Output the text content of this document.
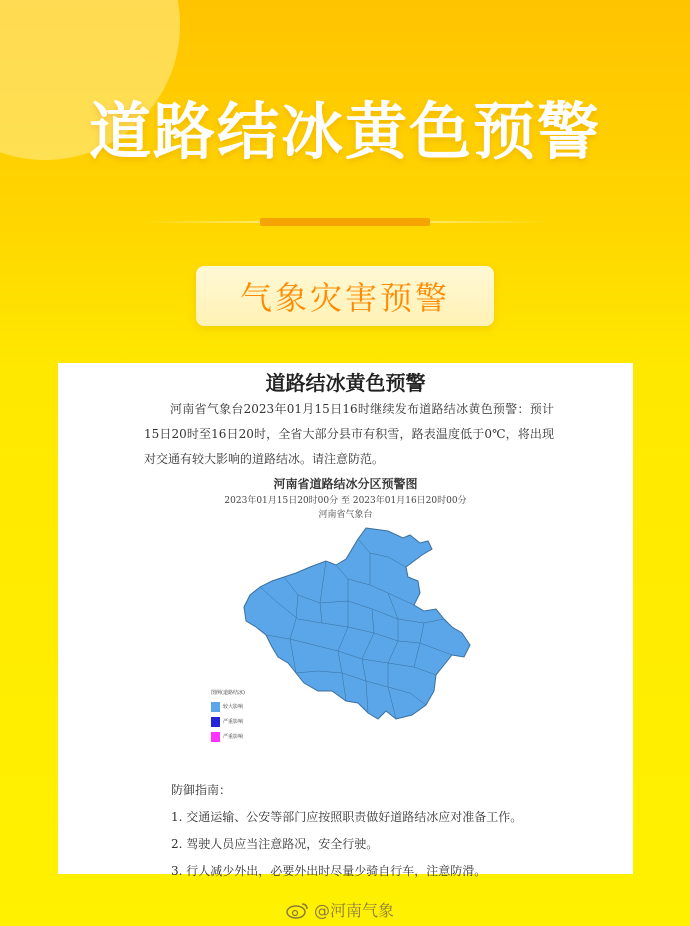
道路结冰黄色预警
气象灾害预警
道路结冰黄色预警
河南省气象台2023年01月15日16时继续发布道路结冰黄色预警：预计15日20时至16日20时，全省大部分县市有积雪，路表温度低于0℃，将出现对交通有较大影响的道路结冰。请注意防范。
河南省道路结冰分区预警图
2023年01月15日20时00分 至 2023年01月16日20时00分
河南省气象台
图例(道路结冰)
较大影响
严重影响
严重影响
防御指南：
1. 交通运输、公安等部门应按照职责做好道路结冰应对准备工作。
2. 驾驶人员应当注意路况，安全行驶。
3. 行人减少外出，必要外出时尽量少骑自行车，注意防滑。
@河南气象
